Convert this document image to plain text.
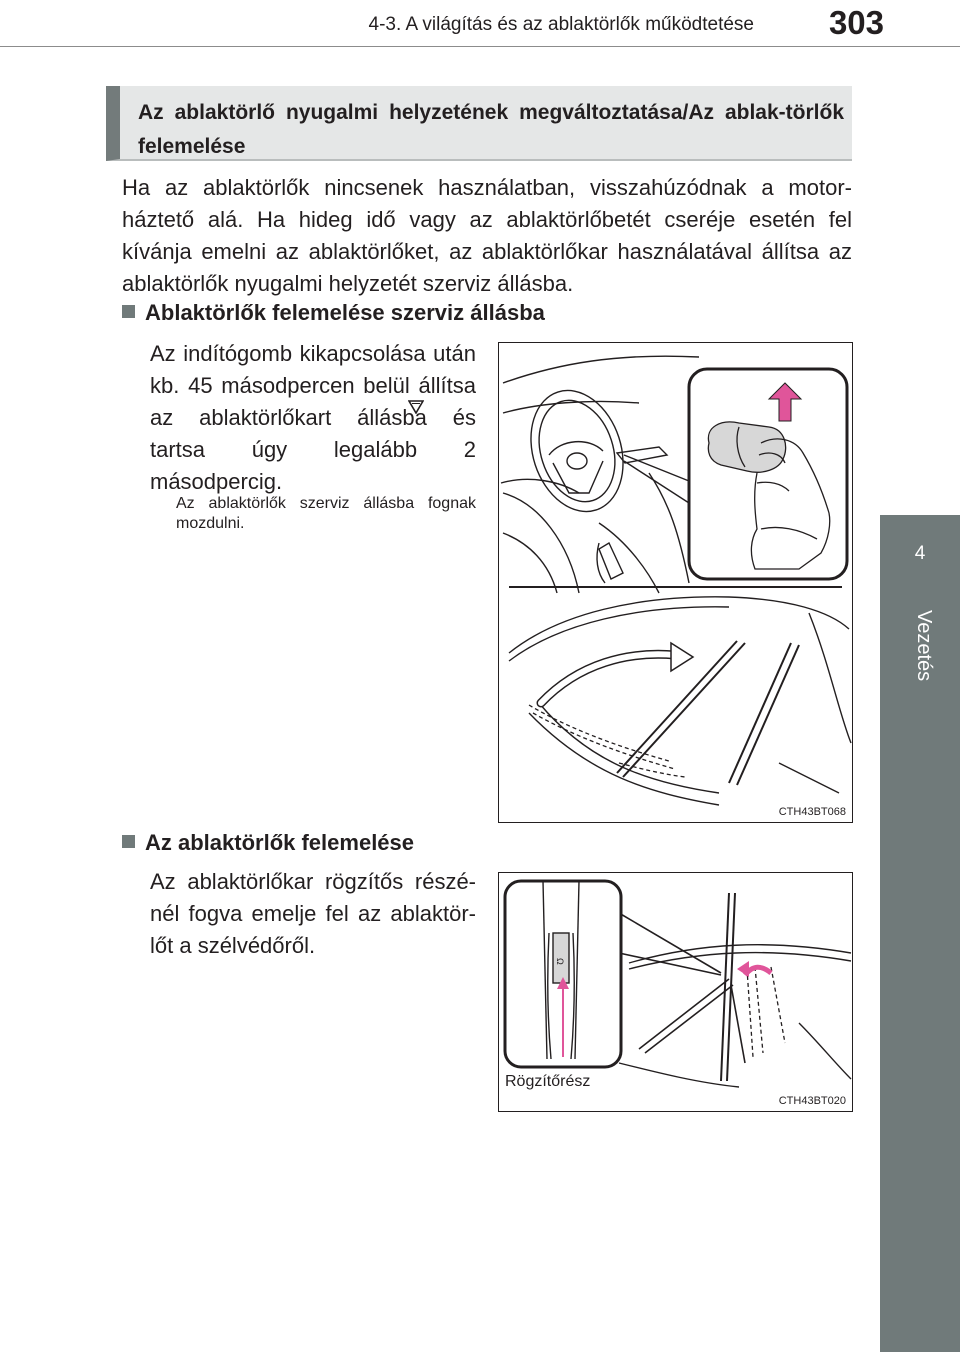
4-3. A világítás és az ablaktörlők működtetése 303
4
Vezetés
Az ablaktörlő nyugalmi helyzetének megváltoztatása/Az ablak-törlők felemelése
Ha az ablaktörlők nincsenek használatban, visszahúzódnak a motor-háztető alá. Ha hideg idő vagy az ablaktörlőbetét cseréje esetén fel kívánja emelni az ablaktörlőket, az ablaktörlőkar használatával állítsa az ablaktörlők nyugalmi helyzetét szerviz állásba.
Ablaktörlők felemelése szerviz állásba
Az indítógomb kikapcsolása után kb. 45 másodpercen belül állítsa az ablaktörlőkart állásba és tartsa úgy legalább 2 másodpercig.
Az ablaktörlők szerviz állásba fognak mozdulni.
CTH43BT068
Az ablaktörlők felemelése
Az ablaktörlőkar rögzítős részé-nél fogva emelje fel az ablaktör-lőt a szélvédőről.
Ω
Rögzítőrész
CTH43BT020
